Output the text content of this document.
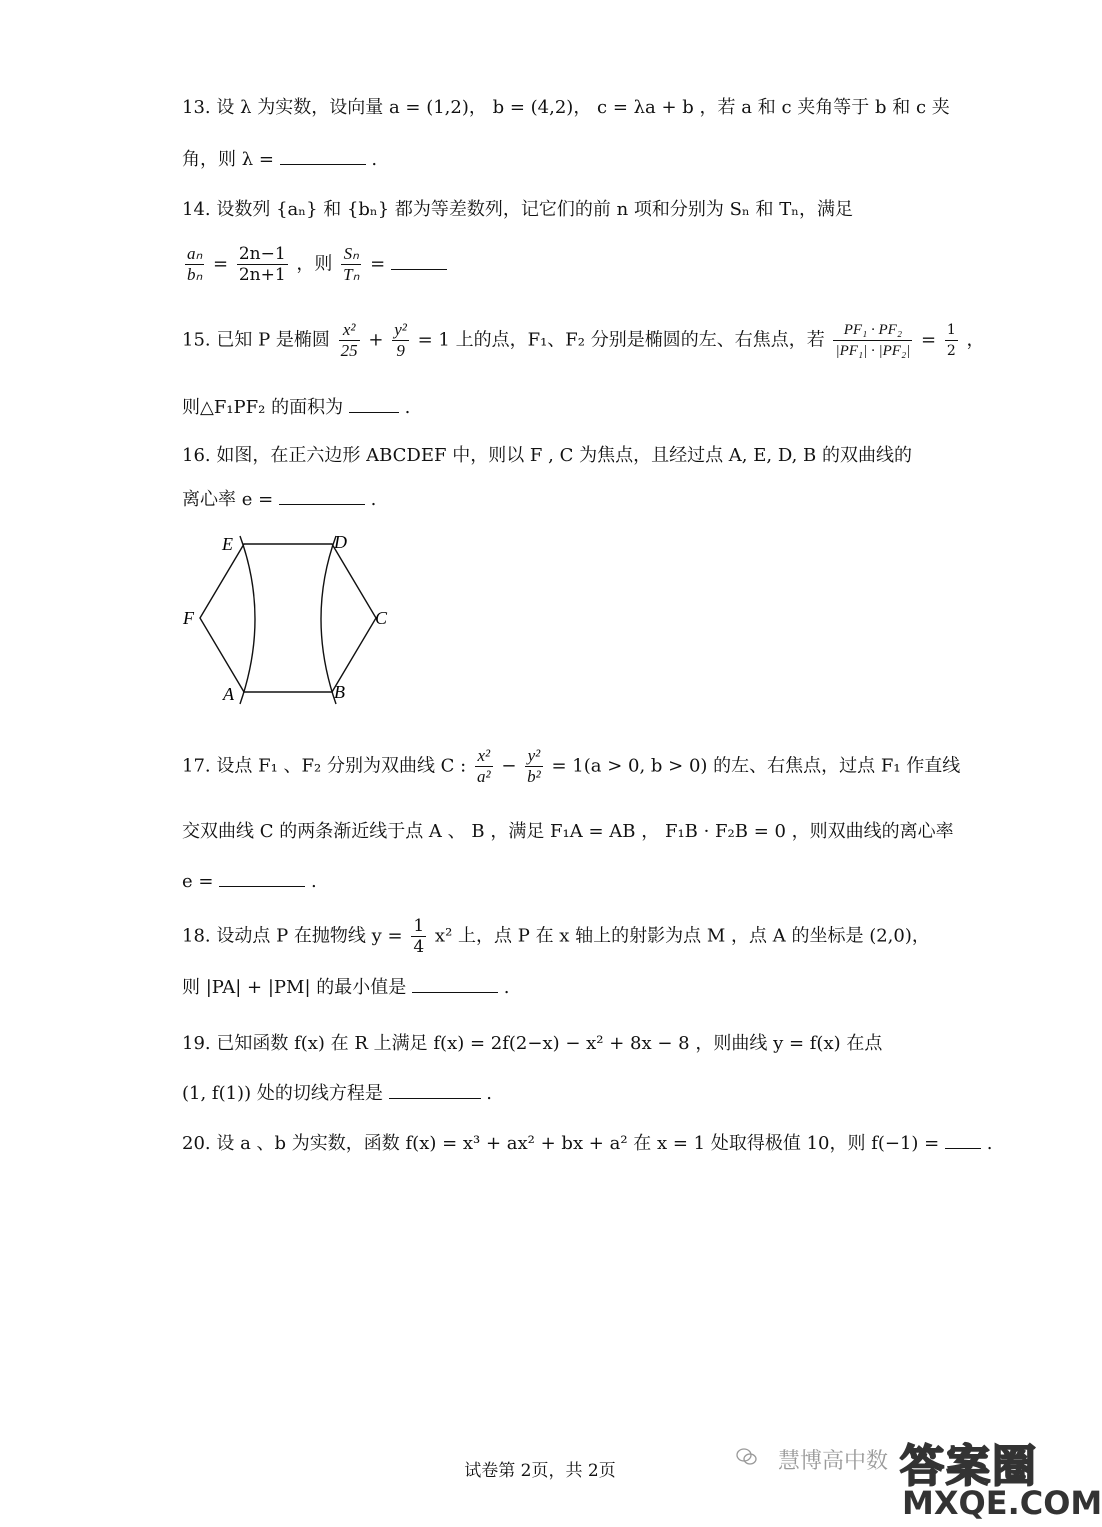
13. 设 λ 为实数，设向量 a = (1,2)， b = (4,2)， c = λa + b ，若 a 和 c 夹角等于 b 和 c 夹
角，则 λ =	.
14. 设数列 {aₙ} 和 {bₙ} 都为等差数列，记它们的前 n 项和分别为 Sₙ 和 Tₙ，满足
$\frac{\text{aₙ}}{\text{bₙ}} = \frac{2n-1}{2n+1}$ ，则 $\frac{\text{Sₙ}}{\text{Tₙ}}$ =
15. 已知 P 是椭圆 $\frac{\text{x²}}{25} + \frac{\text{y²}}{9} = 1$ 上的点，F₁、F₂ 分别是椭圆的左、右焦点，若 $\frac{\text{PF₁ · PF₂}}{\text{|PF₁| · |PF₂|}} = \frac{1}{2}$ ，
则△F₁PF₂ 的面积为	.
16. 如图，在正六边形 ABCDEF 中，则以 F , C 为焦点，且经过点 A, E, D, B 的双曲线的
离心率 e =	.
E	D
F	C
A	B
17. 设点 F₁ 、F₂ 分别为双曲线 C : $\frac{\text{x²}}{\text{a²}} - \frac{\text{y²}}{\text{b²}} = 1(a > 0$, b > 0) 的左、右焦点，过点 F₁ 作直线
交双曲线 C 的两条渐近线于点 A 、 B ，满足 F₁A = AB ， F₁B · F₂B = 0 ，则双曲线的离心率
e =	.
18. 设动点 P 在抛物线 $y = \frac{1}{4} x^2$ 上，点 P 在 x 轴上的射影为点 M ，点 A 的坐标是 (2,0)，
则 |PA| + |PM| 的最小值是	.
19. 已知函数 f(x) 在 R 上满足 f(x) = 2f(2−x) − x² + 8x − 8 ，则曲线 y = f(x) 在点
(1, f(1)) 处的切线方程是	.
20. 设 a 、b 为实数，函数 f(x) = x³ + ax² + bx + a² 在 x = 1 处取得极值 10，则 f(−1) =	.
试卷第 2页，共 2页	慧博高中数 答案圈
MXQE.COM
